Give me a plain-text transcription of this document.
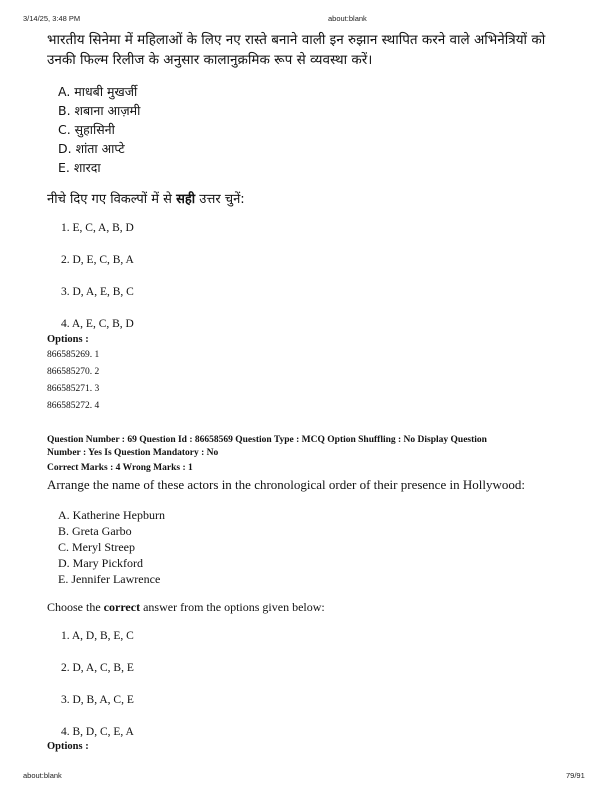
3/14/25, 3:48 PM	about:blank
भारतीय सिनेमा में महिलाओं के लिए नए रास्ते बनाने वाली इन रुझान स्थापित करने वाले अभिनेत्रियों को
उनकी फिल्म रिलीज के अनुसार कालानुक्रमिक रूप से व्यवस्था करें।
A. माधबी मुखर्जी
B. शबाना आज़मी
C. सुहासिनी
D. शांता आप्टे
E. शारदा
नीचे दिए गए विकल्पों में से सही उत्तर चुनें:
1. E, C, A, B, D
2. D, E, C, B, A
3. D, A, E, B, C
4. A, E, C, B, D
Options :
866585269. 1
866585270. 2
866585271. 3
866585272. 4
Question Number : 69 Question Id : 86658569 Question Type : MCQ Option Shuffling : No Display Question
Number : Yes Is Question Mandatory : No
Correct Marks : 4 Wrong Marks : 1
Arrange the name of these actors in the chronological order of their presence in Hollywood:
A. Katherine Hepburn
B. Greta Garbo
C. Meryl Streep
D. Mary Pickford
E. Jennifer Lawrence
Choose the correct answer from the options given below:
1. A, D, B, E, C
2. D, A, C, B, E
3. D, B, A, C, E
4. B, D, C, E, A
Options :
about:blank	79/91
